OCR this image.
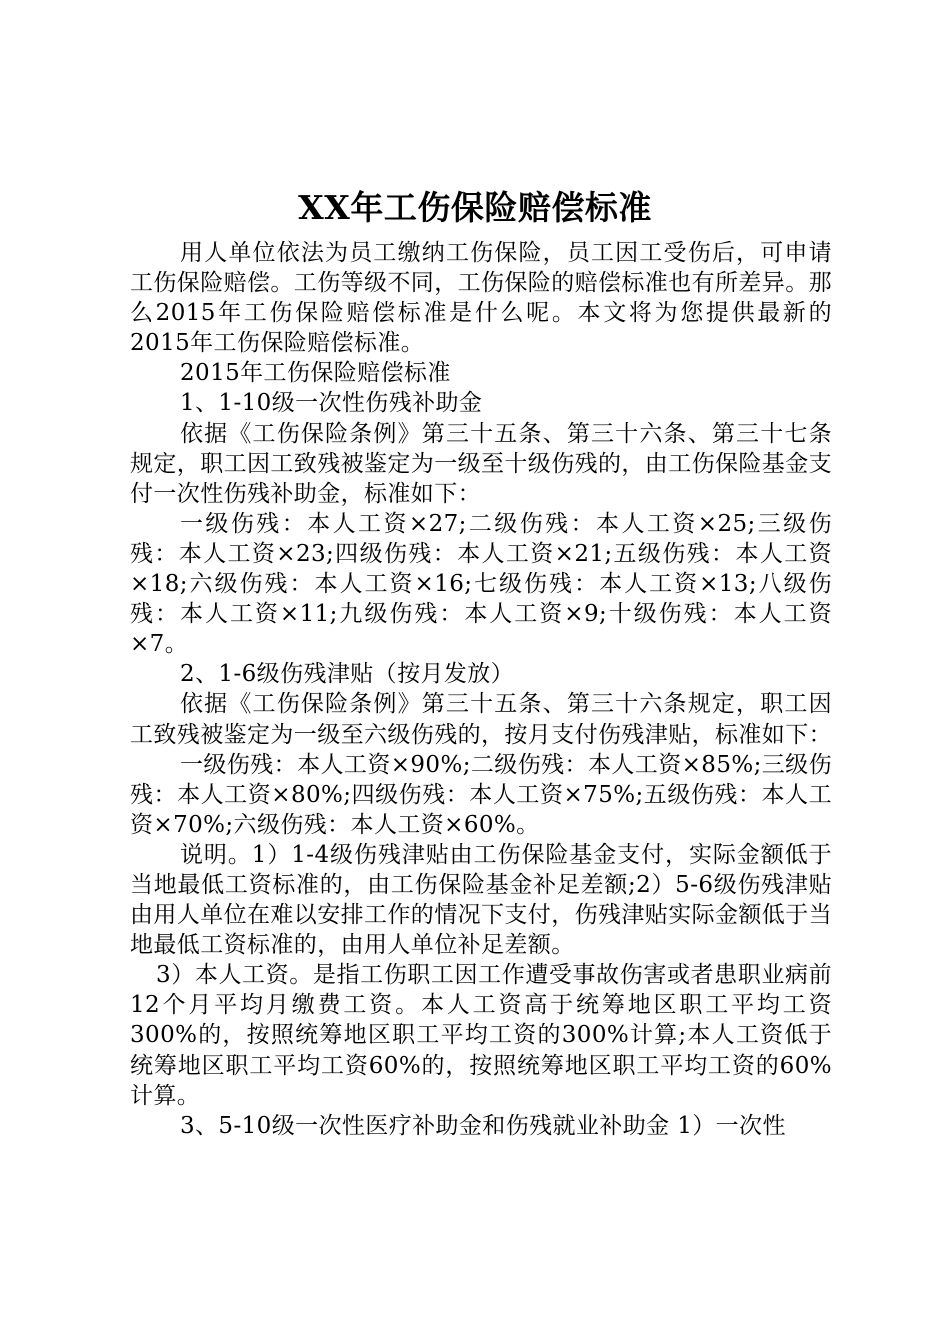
XX年工伤保险赔偿标准

用人单位依法为员工缴纳工伤保险，员工因工受伤后，可申请工伤保险赔偿。工伤等级不同，工伤保险的赔偿标准也有所差异。那么2015年工伤保险赔偿标准是什么呢。本文将为您提供最新的2015年工伤保险赔偿标准。

2015年工伤保险赔偿标准

1、1-10级一次性伤残补助金

依据《工伤保险条例》第三十五条、第三十六条、第三十七条规定，职工因工致残被鉴定为一级至十级伤残的，由工伤保险基金支付一次性伤残补助金，标准如下：

一级伤残：本人工资×27;二级伤残：本人工资×25;三级伤残：本人工资×23;四级伤残：本人工资×21;五级伤残：本人工资×18;六级伤残：本人工资×16;七级伤残：本人工资×13;八级伤残：本人工资×11;九级伤残：本人工资×9;十级伤残：本人工资×7。

2、1-6级伤残津贴（按月发放）

依据《工伤保险条例》第三十五条、第三十六条规定，职工因工致残被鉴定为一级至六级伤残的，按月支付伤残津贴，标准如下：

一级伤残：本人工资×90%;二级伤残：本人工资×85%;三级伤残：本人工资×80%;四级伤残：本人工资×75%;五级伤残：本人工资×70%;六级伤残：本人工资×60%。

说明。1）1-4级伤残津贴由工伤保险基金支付，实际金额低于当地最低工资标准的，由工伤保险基金补足差额;2）5-6级伤残津贴由用人单位在难以安排工作的情况下支付，伤残津贴实际金额低于当地最低工资标准的，由用人单位补足差额。

3）本人工资。是指工伤职工因工作遭受事故伤害或者患职业病前12个月平均月缴费工资。本人工资高于统筹地区职工平均工资300%的，按照统筹地区职工平均工资的300%计算;本人工资低于统筹地区职工平均工资60%的，按照统筹地区职工平均工资的60%计算。

3、5-10级一次性医疗补助金和伤残就业补助金 1）一次性
